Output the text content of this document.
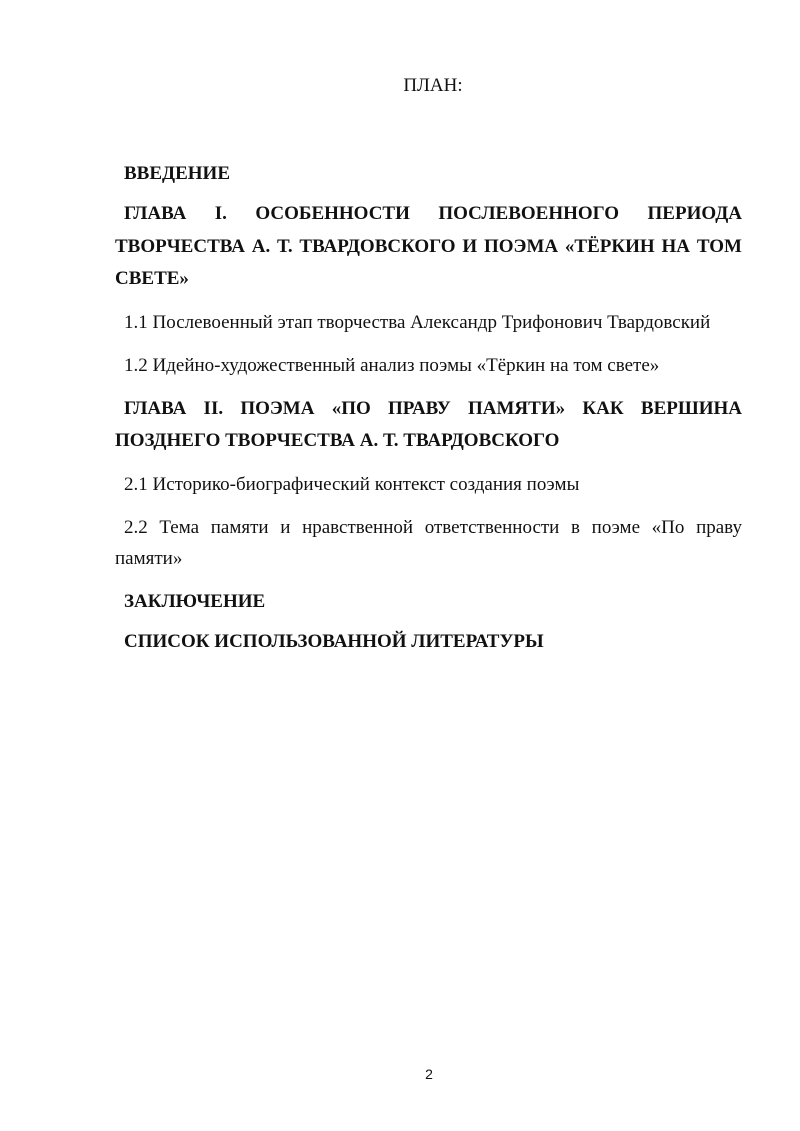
ПЛАН:

ВВЕДЕНИЕ

ГЛАВА I. ОСОБЕННОСТИ ПОСЛЕВОЕННОГО ПЕРИОДА ТВОРЧЕСТВА А. Т. ТВАРДОВСКОГО И ПОЭМА «ТЁРКИН НА ТОМ СВЕТЕ»

1.1 Послевоенный этап творчества Александр Трифонович Твардовский

1.2 Идейно-художественный анализ поэмы «Тёркин на том свете»

ГЛАВА II. ПОЭМА «ПО ПРАВУ ПАМЯТИ» КАК ВЕРШИНА ПОЗДНЕГО ТВОРЧЕСТВА А. Т. ТВАРДОВСКОГО

2.1 Историко-биографический контекст создания поэмы

2.2 Тема памяти и нравственной ответственности в поэме «По праву памяти»

ЗАКЛЮЧЕНИЕ

СПИСОК ИСПОЛЬЗОВАННОЙ ЛИТЕРАТУРЫ

2
